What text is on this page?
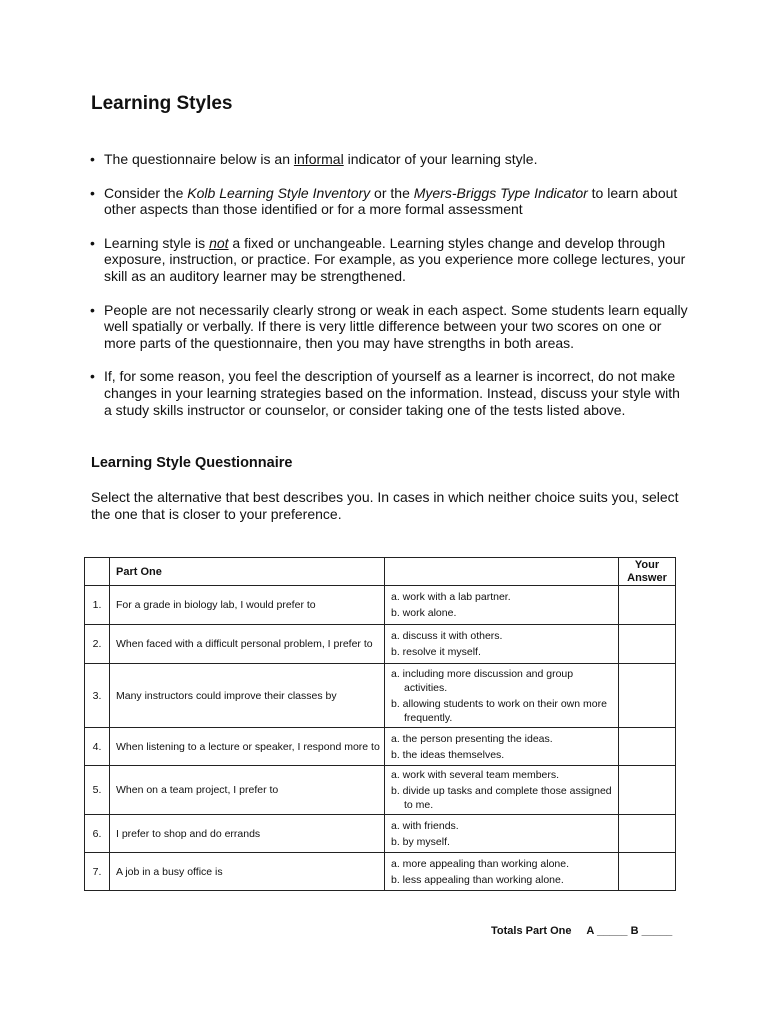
Learning Styles
• The questionnaire below is an informal indicator of your learning style.
• Consider the Kolb Learning Style Inventory or the Myers-Briggs Type Indicator to learn about other aspects than those identified or for a more formal assessment
• Learning style is not a fixed or unchangeable. Learning styles change and develop through exposure, instruction, or practice. For example, as you experience more college lectures, your skill as an auditory learner may be strengthened.
• People are not necessarily clearly strong or weak in each aspect. Some students learn equally well spatially or verbally. If there is very little difference between your two scores on one or more parts of the questionnaire, then you may have strengths in both areas.
• If, for some reason, you feel the description of yourself as a learner is incorrect, do not make changes in your learning strategies based on the information. Instead, discuss your style with a study skills instructor or counselor, or consider taking one of the tests listed above.
Learning Style Questionnaire

Select the alternative that best describes you. In cases in which neither choice suits you, select the one that is closer to your preference.

	Part One		Your Answer
1.	For a grade in biology lab, I would prefer to	a. work with a lab partner.
b. work alone.	

2.	When faced with a difficult personal problem, I prefer to	a. discuss it with others.
b. resolve it myself.	

3.	Many instructors could improve their classes by	a. including more discussion and group activities.
b. allowing students to work on their own more frequently.	

4.	When listening to a lecture or speaker, I respond more to	a. the person presenting the ideas.
b. the ideas themselves.	

5.	When on a team project, I prefer to	a. work with several team members.
b. divide up tasks and complete those assigned to me.	

6.	I prefer to shop and do errands	a. with friends.
b. by myself.	

7.	A job in a busy office is	a. more appealing than working alone.
b. less appealing than working alone.	

Totals Part One A _____ B _____
